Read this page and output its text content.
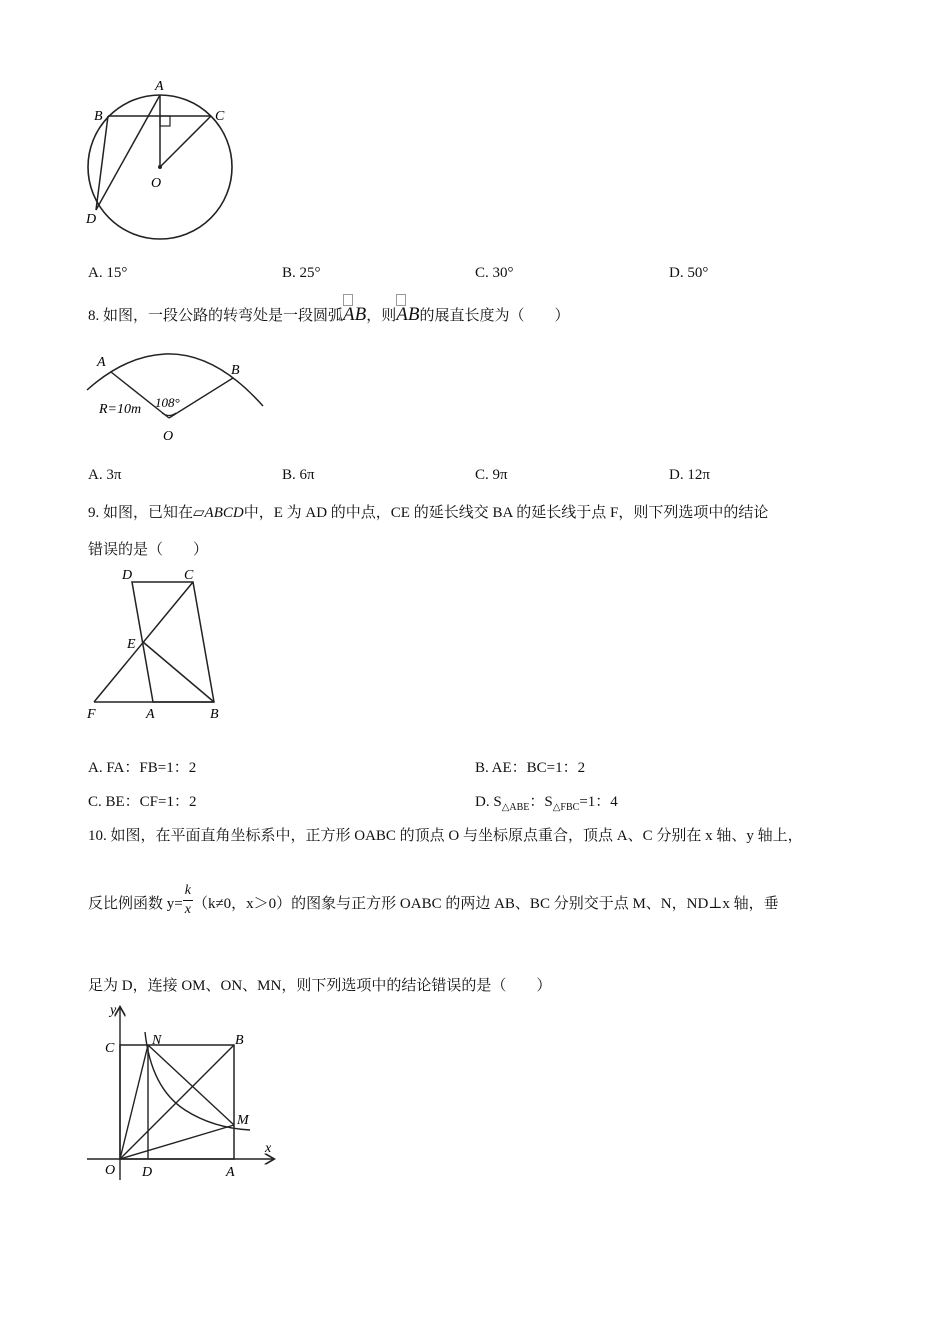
A
B	C
O
D
A. 15°	B. 25°	C. 30°	D. 50°
8. 如图，一段公路的转弯处是一段圆弧
AB，则
AB的展直长度为（　　）
A
B
O
R=10m 108°
A. 3π	B. 6π	C. 9π	D. 12π
9. 如图，已知在▱ABCD中，E 为 AD 的中点，CE 的延长线交 BA 的延长线于点 F，则下列选项中的结论
错误的是（　　）
D	C
E
F	A	B
A. FA：FB=1：2	B. AE：BC=1：2
C. BE：CF=1：2	D. $S_{\triangle ABE}$：$S_{\triangle FBC}=1$：4
10. 如图，在平面直角坐标系中，正方形 OABC 的顶点 O 与坐标原点重合，顶点 A、C 分别在 x 轴、y 轴上，
反比例函数 $y= \frac{k}{x} (k\ne 0$，x＞0）的图象与正方形 OABC 的两边 AB、BC 分别交于点 M、N，ND⊥x 轴，垂
足为 D，连接 OM、ON、MN，则下列选项中的结论错误的是（　　）
y
x
C
N	B
M
O D	A
